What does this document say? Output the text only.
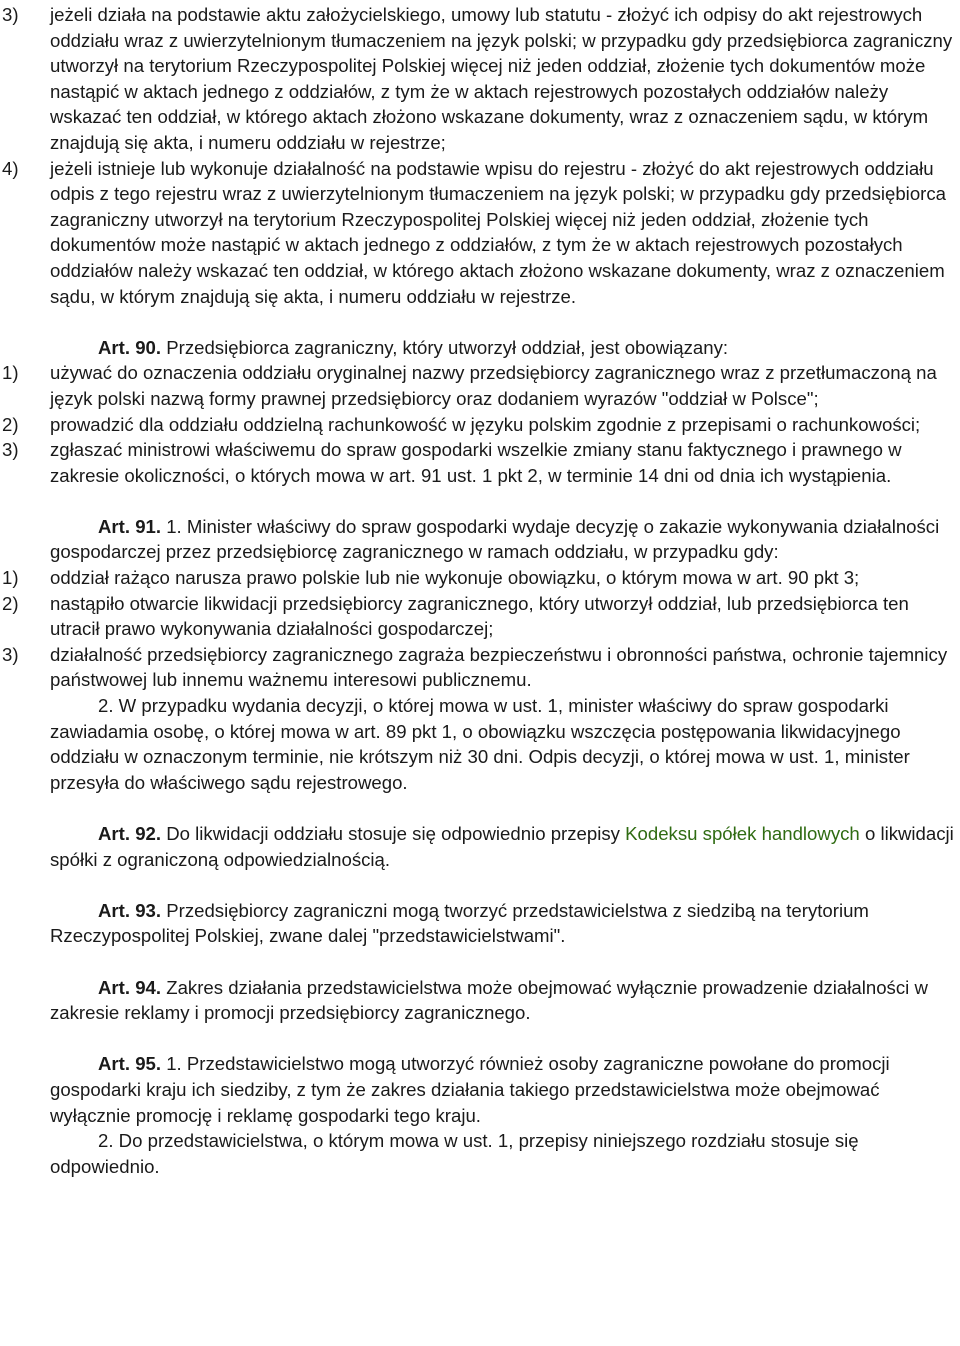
3) jeżeli działa na podstawie aktu założycielskiego, umowy lub statutu - złożyć ich odpisy do akt rejestrowych oddziału wraz z uwierzytelnionym tłumaczeniem na język polski; w przypadku gdy przedsiębiorca zagraniczny utworzył na terytorium Rzeczypospolitej Polskiej więcej niż jeden oddział, złożenie tych dokumentów może nastąpić w aktach jednego z oddziałów, z tym że w aktach rejestrowych pozostałych oddziałów należy wskazać ten oddział, w którego aktach złożono wskazane dokumenty, wraz z oznaczeniem sądu, w którym znajdują się akta, i numeru oddziału w rejestrze;
4) jeżeli istnieje lub wykonuje działalność na podstawie wpisu do rejestru - złożyć do akt rejestrowych oddziału odpis z tego rejestru wraz z uwierzytelnionym tłumaczeniem na język polski; w przypadku gdy przedsiębiorca zagraniczny utworzył na terytorium Rzeczypospolitej Polskiej więcej niż jeden oddział, złożenie tych dokumentów może nastąpić w aktach jednego z oddziałów, z tym że w aktach rejestrowych pozostałych oddziałów należy wskazać ten oddział, w którego aktach złożono wskazane dokumenty, wraz z oznaczeniem sądu, w którym znajdują się akta, i numeru oddziału w rejestrze.

Art. 90. Przedsiębiorca zagraniczny, który utworzył oddział, jest obowiązany:

1) używać do oznaczenia oddziału oryginalnej nazwy przedsiębiorcy zagranicznego wraz z przetłumaczoną na język polski nazwą formy prawnej przedsiębiorcy oraz dodaniem wyrazów "oddział w Polsce";
2) prowadzić dla oddziału oddzielną rachunkowość w języku polskim zgodnie z przepisami o rachunkowości;
3) zgłaszać ministrowi właściwemu do spraw gospodarki wszelkie zmiany stanu faktycznego i prawnego w zakresie okoliczności, o których mowa w art. 91 ust. 1 pkt 2, w terminie 14 dni od dnia ich wystąpienia.

Art. 91. 1. Minister właściwy do spraw gospodarki wydaje decyzję o zakazie wykonywania działalności gospodarczej przez przedsiębiorcę zagranicznego w ramach oddziału, w przypadku gdy:

1) oddział rażąco narusza prawo polskie lub nie wykonuje obowiązku, o którym mowa w art. 90 pkt 3;
2) nastąpiło otwarcie likwidacji przedsiębiorcy zagranicznego, który utworzył oddział, lub przedsiębiorca ten utracił prawo wykonywania działalności gospodarczej;
3) działalność przedsiębiorcy zagranicznego zagraża bezpieczeństwu i obronności państwa, ochronie tajemnicy państwowej lub innemu ważnemu interesowi publicznemu.

2. W przypadku wydania decyzji, o której mowa w ust. 1, minister właściwy do spraw gospodarki zawiadamia osobę, o której mowa w art. 89 pkt 1, o obowiązku wszczęcia postępowania likwidacyjnego oddziału w oznaczonym terminie, nie krótszym niż 30 dni. Odpis decyzji, o której mowa w ust. 1, minister przesyła do właściwego sądu rejestrowego.

Art. 92. Do likwidacji oddziału stosuje się odpowiednio przepisy Kodeksu spółek handlowych o likwidacji spółki z ograniczoną odpowiedzialnością.

Art. 93. Przedsiębiorcy zagraniczni mogą tworzyć przedstawicielstwa z siedzibą na terytorium Rzeczypospolitej Polskiej, zwane dalej "przedstawicielstwami".

Art. 94. Zakres działania przedstawicielstwa może obejmować wyłącznie prowadzenie działalności w zakresie reklamy i promocji przedsiębiorcy zagranicznego.

Art. 95. 1. Przedstawicielstwo mogą utworzyć również osoby zagraniczne powołane do promocji gospodarki kraju ich siedziby, z tym że zakres działania takiego przedstawicielstwa może obejmować wyłącznie promocję i reklamę gospodarki tego kraju.

2. Do przedstawicielstwa, o którym mowa w ust. 1, przepisy niniejszego rozdziału stosuje się odpowiednio.
